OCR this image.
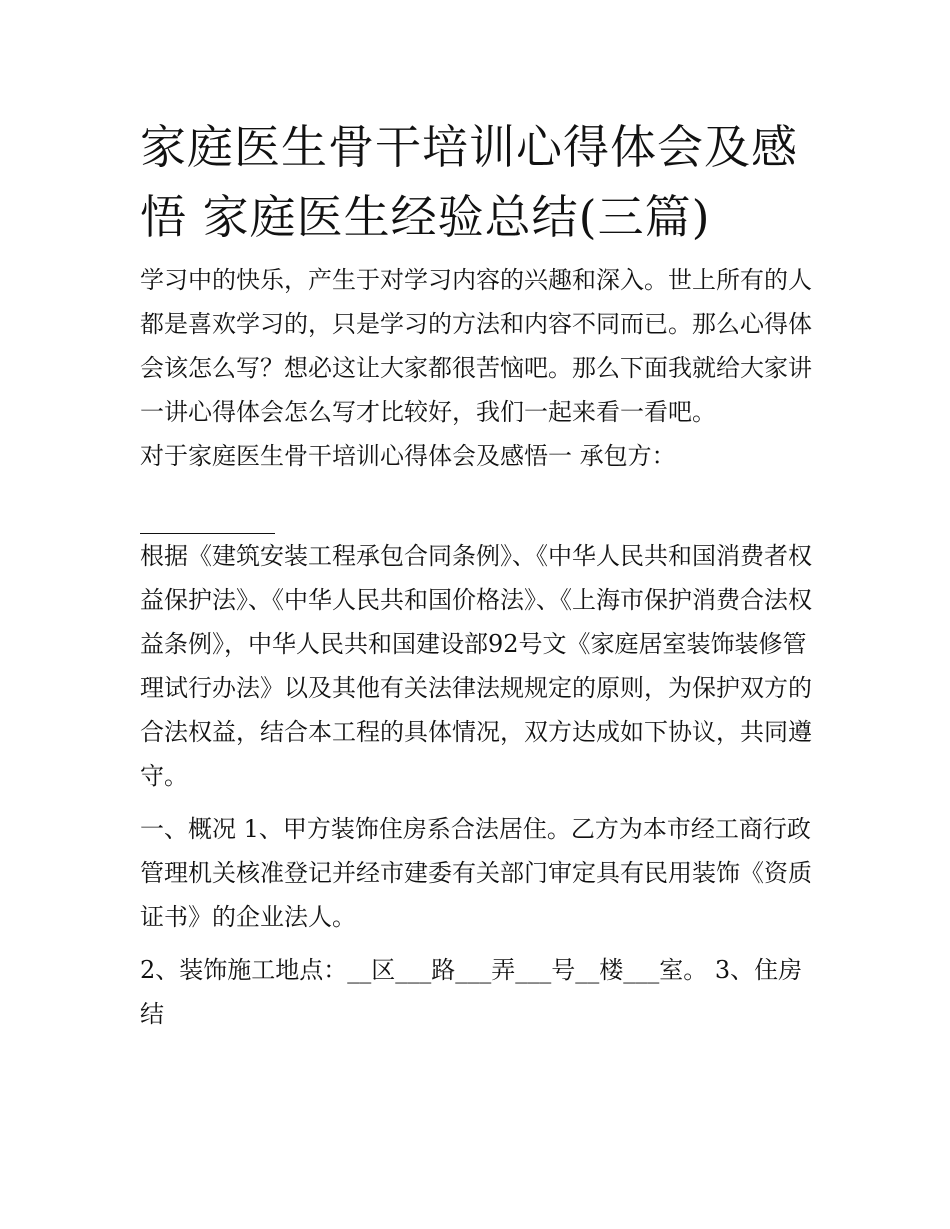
家庭医生骨干培训心得体会及感悟 家庭医生经验总结(三篇)

学习中的快乐，产生于对学习内容的兴趣和深入。世上所有的人都是喜欢学习的，只是学习的方法和内容不同而已。那么心得体会该怎么写？想必这让大家都很苦恼吧。那么下面我就给大家讲一讲心得体会怎么写才比较好，我们一起来看一看吧。

对于家庭医生骨干培训心得体会及感悟一 承包方：

根据《建筑安装工程承包合同条例》、《中华人民共和国消费者权益保护法》、《中华人民共和国价格法》、《上海市保护消费合法权益条例》，中华人民共和国建设部92号文《家庭居室装饰装修管理试行办法》以及其他有关法律法规规定的原则，为保护双方的合法权益，结合本工程的具体情况，双方达成如下协议，共同遵守。

一、概况 1、甲方装饰住房系合法居住。乙方为本市经工商行政管理机关核准登记并经市建委有关部门审定具有民用装饰《资质证书》的企业法人。

2、装饰施工地点：__区___路___弄___号__楼___室。 3、住房结
